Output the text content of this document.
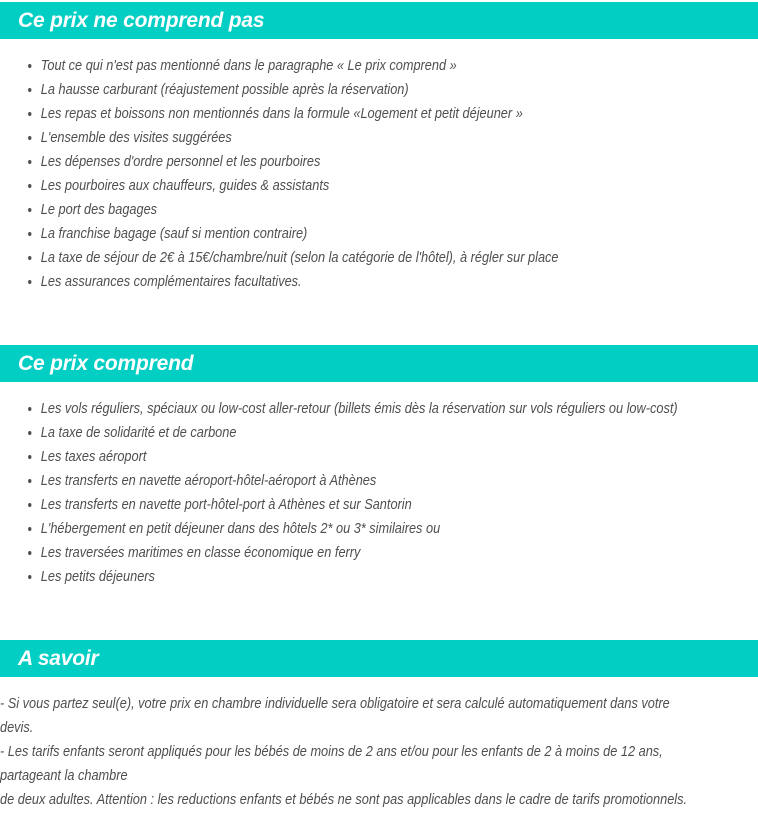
Ce prix ne comprend pas
• Tout ce qui n'est pas mentionné dans le paragraphe « Le prix comprend »
• La hausse carburant (réajustement possible après la réservation)
• Les repas et boissons non mentionnés dans la formule «Logement et petit déjeuner »
• L'ensemble des visites suggérées
• Les dépenses d'ordre personnel et les pourboires
• Les pourboires aux chauffeurs, guides & assistants
• Le port des bagages
• La franchise bagage (sauf si mention contraire)
• La taxe de séjour de 2€ à 15€/chambre/nuit (selon la catégorie de l'hôtel), à régler sur place
• Les assurances complémentaires facultatives.
Ce prix comprend
• Les vols réguliers, spéciaux ou low-cost aller-retour (billets émis dès la réservation sur vols réguliers ou low-cost)
• La taxe de solidarité et de carbone
• Les taxes aéroport
• Les transferts en navette aéroport-hôtel-aéroport à Athènes
• Les transferts en navette port-hôtel-port à Athènes et sur Santorin
• L'hébergement en petit déjeuner dans des hôtels 2* ou 3* similaires ou
• Les traversées maritimes en classe économique en ferry
• Les petits déjeuners
A savoir
- Si vous partez seul(e), votre prix en chambre individuelle sera obligatoire et sera calculé automatiquement dans votre
devis.
- Les tarifs enfants seront appliqués pour les bébés de moins de 2 ans et/ou pour les enfants de 2 à moins de 12 ans,
partageant la chambre
de deux adultes. Attention : les reductions enfants et bébés ne sont pas applicables dans le cadre de tarifs promotionnels.
